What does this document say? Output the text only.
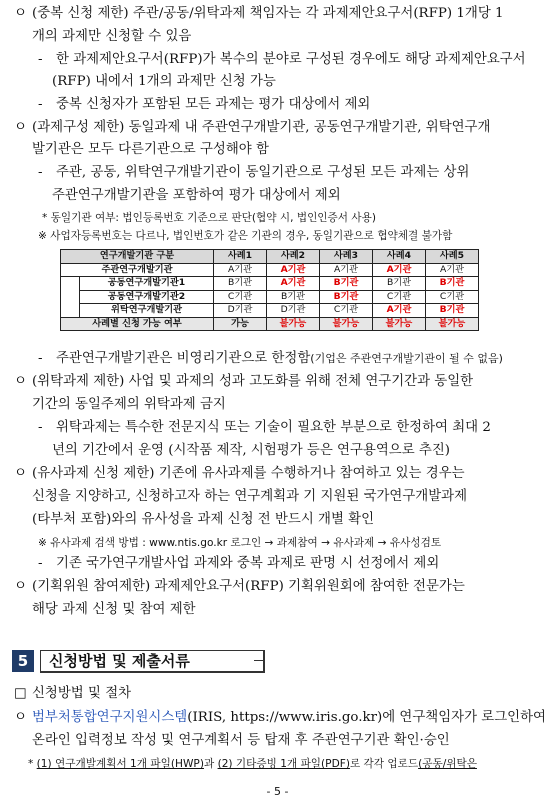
ㅇ (중복 신청 제한) 주관/공동/위탁과제 책임자는 각 과제제안요구서(RFP) 1개당 1
개의 과제만 신청할 수 있음
- 한 과제제안요구서(RFP)가 복수의 분야로 구성된 경우에도 해당 과제제안요구서
(RFP) 내에서 1개의 과제만 신청 가능
- 중복 신청자가 포함된 모든 과제는 평가 대상에서 제외
ㅇ (과제구성 제한) 동일과제 내 주관연구개발기관, 공동연구개발기관, 위탁연구개
발기관은 모두 다른기관으로 구성해야 함
- 주관, 공동, 위탁연구개발기관이 동일기관으로 구성된 모든 과제는 상위
주관연구개발기관을 포함하여 평가 대상에서 제외
* 동일기관 여부: 법인등록번호 기준으로 판단(협약 시, 법인인증서 사용)
※ 사업자등록번호는 다르나, 법인번호가 같은 기관의 경우, 동일기관으로 협약체결 불가함
연구개발기관 구분		사례1	사례2	사례3	사례4	사례5
주관연구개발기관		A기관	A기관	A기관	A기관	A기관
	공동연구개발기관1	B기관	A기관	B기관	B기관	B기관
	공동연구개발기관2	C기관	B기관	B기관	C기관	C기관
	위탁연구개발기관	D기관	D기관	C기관	A기관	B기관
사례별 신청 가능 여부		가능	불가능	불가능	불가능	불가능
- 주관연구개발기관은 비영리기관으로 한정함(기업은 주관연구개발기관이 될 수 없음)
ㅇ (위탁과제 제한) 사업 및 과제의 성과 고도화를 위해 전체 연구기간과 동일한
기간의 동일주제의 위탁과제 금지
- 위탁과제는 특수한 전문지식 또는 기술이 필요한 부분으로 한정하여 최대 2
년의 기간에서 운영 (시작품 제작, 시험평가 등은 연구용역으로 추진)
ㅇ (유사과제 신청 제한) 기존에 유사과제를 수행하거나 참여하고 있는 경우는
신청을 지양하고, 신청하고자 하는 연구계획과 기 지원된 국가연구개발과제
(타부처 포함)와의 유사성을 과제 신청 전 반드시 개별 확인
※ 유사과제 검색 방법 : www.ntis.go.kr 로그인 → 과제참여 → 유사과제 → 유사성검토
- 기존 국가연구개발사업 과제와 중복 과제로 판명 시 선정에서 제외
ㅇ (기획위원 참여제한) 과제제안요구서(RFP) 기획위원회에 참여한 전문가는
해당 과제 신청 및 참여 제한
5	신청방법 및 제출서류
□ 신청방법 및 절차
ㅇ 범부처통합연구지원시스템(IRIS, https://www.iris.go.kr)에 연구책임자가 로그인하여
온라인 입력정보 작성 및 연구계획서 등 탑재 후 주관연구기관 확인·승인
* (1) 연구개발계획서 1개 파일(HWP)과 (2) 기타증빙 1개 파일(PDF)로 각각 업로드(공동/위탁은
- 5 -
